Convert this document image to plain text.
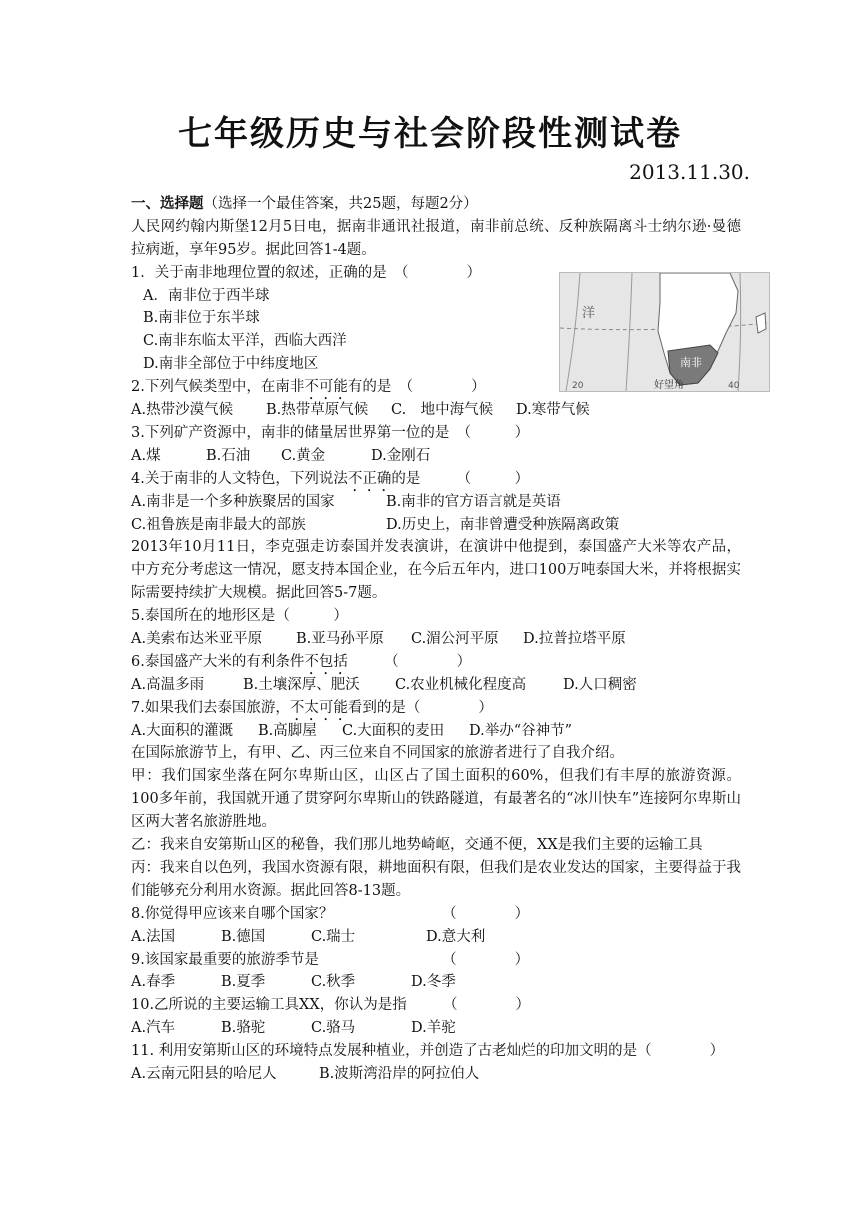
七年级历史与社会阶段性测试卷
2013.11.30.
洋
南非
好望角
20	40
一、选择题（选择一个最佳答案，共25题，每题2分）
人民网约翰内斯堡12月5日电，据南非通讯社报道，南非前总统、反种族隔离斗士纳尔逊·曼德拉病逝，享年95岁。据此回答1-4题。
1．关于南非地理位置的叙述，正确的是　（　　　　）
A．南非位于西半球
B.南非位于东半球
C.南非东临太平洋，西临大西洋
D.南非全部位于中纬度地区
2.下列气候类型中，在南非不可能有的是　（　　　　）
A.热带沙漠气候 B.热带草原气候 C.　地中海气候 D.寒带气候
3.下列矿产资源中，南非的储量居世界第一位的是　（　　　）
A.煤	B.石油 C.黄金	D.金刚石
4.关于南非的人文特色，下列说法不正确的是　　　（　　　）
A.南非是一个多种族聚居的国家	B.南非的官方语言就是英语
C.祖鲁族是南非最大的部族	D.历史上，南非曾遭受种族隔离政策
2013年10月11日，李克强走访泰国并发表演讲，在演讲中他提到，泰国盛产大米等农产品，中方充分考虑这一情况，愿支持本国企业，在今后五年内，进口100万吨泰国大米，并将根据实际需要持续扩大规模。据此回答5-7题。
5.泰国所在的地形区是（　　　）
A.美索布达米亚平原 B.亚马孙平原 C.湄公河平原 D.拉普拉塔平原
6.泰国盛产大米的有利条件不包括　　　（　　　　）
A.高温多雨	B.土壤深厚、肥沃 C.农业机械化程度高	D.人口稠密
7.如果我们去泰国旅游，不太可能看到的是（　　　　）
A.大面积的灌溉 B.高脚屋 C.大面积的麦田 D.举办“谷神节”
在国际旅游节上，有甲、乙、丙三位来自不同国家的旅游者进行了自我介绍。
甲：我们国家坐落在阿尔卑斯山区，山区占了国土面积的60%，但我们有丰厚的旅游资源。100多年前，我国就开通了贯穿阿尔卑斯山的铁路隧道，有最著名的“冰川快车”连接阿尔卑斯山区两大著名旅游胜地。
乙：我来自安第斯山区的秘鲁，我们那儿地势崎岖，交通不便，XX是我们主要的运输工具
丙：我来自以色列，我国水资源有限，耕地面积有限，但我们是农业发达的国家，主要得益于我们能够充分利用水资源。据此回答8-13题。
8.你觉得甲应该来自哪个国家？　　　　　　　　（　　　　）
A.法国	B.德国	C.瑞士	D.意大利
9.该国家最重要的旅游季节是　　　　　　　　　（　　　　）
A.春季	B.夏季	C.秋季	D.冬季
10.乙所说的主要运输工具XX，你认为是指　　　（　　　　）
A.汽车	B.骆驼	C.骆马	D.羊驼
11. 利用安第斯山区的环境特点发展种植业，并创造了古老灿烂的印加文明的是（　　　　）
A.云南元阳县的哈尼人	B.波斯湾沿岸的阿拉伯人
